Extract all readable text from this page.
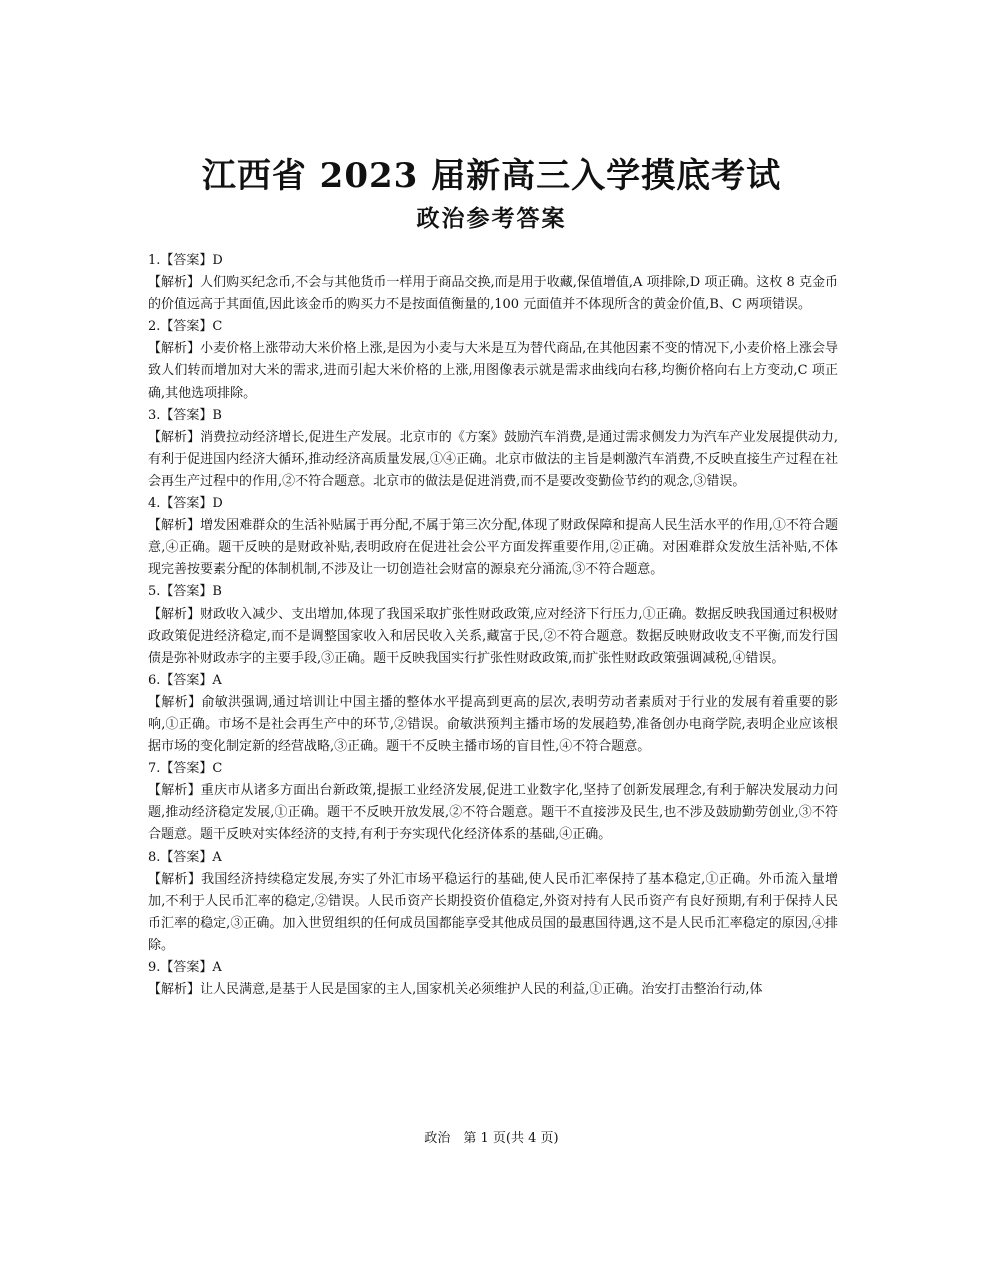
江西省 2023 届新高三入学摸底考试
政治参考答案

1.【答案】D

【解析】人们购买纪念币,不会与其他货币一样用于商品交换,而是用于收藏,保值增值,A 项排除,D 项正确。这枚 8 克金币的价值远高于其面值,因此该金币的购买力不是按面值衡量的,100 元面值并不体现所含的黄金价值,B、C 两项错误。

2.【答案】C

【解析】小麦价格上涨带动大米价格上涨,是因为小麦与大米是互为替代商品,在其他因素不变的情况下,小麦价格上涨会导致人们转而增加对大米的需求,进而引起大米价格的上涨,用图像表示就是需求曲线向右移,均衡价格向右上方变动,C 项正确,其他选项排除。

3.【答案】B

【解析】消费拉动经济增长,促进生产发展。北京市的《方案》鼓励汽车消费,是通过需求侧发力为汽车产业发展提供动力,有利于促进国内经济大循环,推动经济高质量发展,①④正确。北京市做法的主旨是刺激汽车消费,不反映直接生产过程在社会再生产过程中的作用,②不符合题意。北京市的做法是促进消费,而不是要改变勤俭节约的观念,③错误。

4.【答案】D

【解析】增发困难群众的生活补贴属于再分配,不属于第三次分配,体现了财政保障和提高人民生活水平的作用,①不符合题意,④正确。题干反映的是财政补贴,表明政府在促进社会公平方面发挥重要作用,②正确。对困难群众发放生活补贴,不体现完善按要素分配的体制机制,不涉及让一切创造社会财富的源泉充分涌流,③不符合题意。

5.【答案】B

【解析】财政收入减少、支出增加,体现了我国采取扩张性财政政策,应对经济下行压力,①正确。数据反映我国通过积极财政政策促进经济稳定,而不是调整国家收入和居民收入关系,藏富于民,②不符合题意。数据反映财政收支不平衡,而发行国债是弥补财政赤字的主要手段,③正确。题干反映我国实行扩张性财政政策,而扩张性财政政策强调减税,④错误。

6.【答案】A

【解析】俞敏洪强调,通过培训让中国主播的整体水平提高到更高的层次,表明劳动者素质对于行业的发展有着重要的影响,①正确。市场不是社会再生产中的环节,②错误。俞敏洪预判主播市场的发展趋势,准备创办电商学院,表明企业应该根据市场的变化制定新的经营战略,③正确。题干不反映主播市场的盲目性,④不符合题意。

7.【答案】C

【解析】重庆市从诸多方面出台新政策,提振工业经济发展,促进工业数字化,坚持了创新发展理念,有利于解决发展动力问题,推动经济稳定发展,①正确。题干不反映开放发展,②不符合题意。题干不直接涉及民生,也不涉及鼓励勤劳创业,③不符合题意。题干反映对实体经济的支持,有利于夯实现代化经济体系的基础,④正确。

8.【答案】A

【解析】我国经济持续稳定发展,夯实了外汇市场平稳运行的基础,使人民币汇率保持了基本稳定,①正确。外币流入量增加,不利于人民币汇率的稳定,②错误。人民币资产长期投资价值稳定,外资对持有人民币资产有良好预期,有利于保持人民币汇率的稳定,③正确。加入世贸组织的任何成员国都能享受其他成员国的最惠国待遇,这不是人民币汇率稳定的原因,④排除。

9.【答案】A

【解析】让人民满意,是基于人民是国家的主人,国家机关必须维护人民的利益,①正确。治安打击整治行动,体

政治　第 1 页(共 4 页)
